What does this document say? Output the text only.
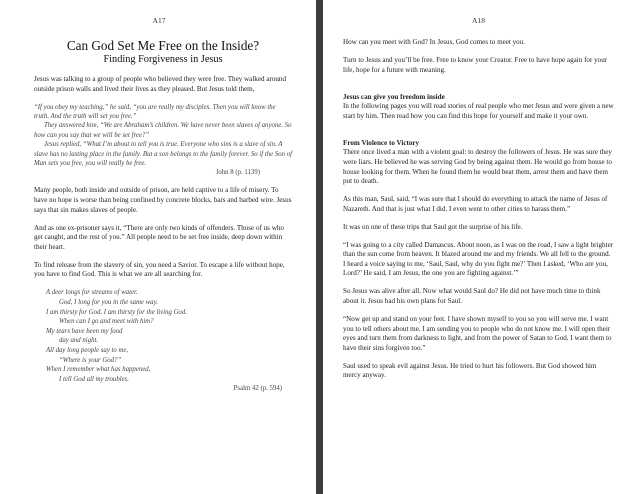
A17
Can God Set Me Free on the Inside?
Finding Forgiveness in Jesus

Jesus was talking to a group of people who believed they were free. They walked around outside prison walls and lived their lives as they pleased. But Jesus told them,

“If you obey my teaching,” he said, “you are really my disciples. Then you will know the truth. And the truth will set you free.”
They answered him, “We are Abraham’s children. We have never been slaves of anyone. So how can you say that we will be set free?”
Jesus replied, “What I’m about to tell you is true. Everyone who sins is a slave of sin. A slave has no lasting place in the family. But a son belongs to the family forever. So if the Son of Man sets you free, you will really be free.
John 8 (p. 1139)

Many people, both inside and outside of prison, are held captive to a life of misery. To have no hope is worse than being confined by concrete blocks, bars and barbed wire. Jesus says that sin makes slaves of people.

And as one ex-prisoner says it, “There are only two kinds of offenders. Those of us who get caught, and the rest of you.” All people need to be set free inside, deep down within their heart.

To find release from the slavery of sin, you need a Savior. To escape a life without hope, you have to find God. This is what we are all searching for.

A deer longs for streams of water.
God, I long for you in the same way.
I am thirsty for God. I am thirsty for the living God.
When can I go and meet with him?
My tears have been my food
day and night.
All day long people say to me,
“Where is your God?”
When I remember what has happened,
I tell God all my troubles.
Psalm 42 (p. 594)
A18

How can you meet with God? In Jesus, God comes to meet you.

Turn to Jesus and you’ll be free. Free to know your Creator. Free to have hope again for your life, hope for a future with meaning.

Jesus can give you freedom inside

In the following pages you will read stories of real people who met Jesus and were given a new start by him. Then read how you can find this hope for yourself and make it your own.

From Violence to Victory

There once lived a man with a violent goal: to destroy the followers of Jesus. He was sure they were liars. He believed he was serving God by being against them. He would go from house to house looking for them. When he found them he would beat them, arrest them and have them put to death.

As this man, Saul, said, “I was sure that I should do everything to attack the name of Jesus of Nazareth. And that is just what I did. I even went to other cities to harass them.”

It was on one of these trips that Saul got the surprise of his life.

“I was going to a city called Damascus. About noon, as I was on the road, I saw a light brighter than the sun come from heaven. It blazed around me and my friends. We all fell to the ground. I heard a voice saying to me, ‘Saul, Saul, why do you fight me?’ Then I asked, ‘Who are you, Lord?’ He said, I am Jesus, the one you are fighting against.’”

So Jesus was alive after all. Now what would Saul do? He did not have much time to think about it. Jesus had his own plans for Saul.

“Now get up and stand on your feet. I have shown myself to you so you will serve me. I want you to tell others about me. I am sending you to people who do not know me. I will open their eyes and turn them from darkness to light, and from the power of Satan to God. I want them to have their sins forgiven too.”

Saul used to speak evil against Jesus. He tried to hurt his followers. But God showed him mercy anyway.
